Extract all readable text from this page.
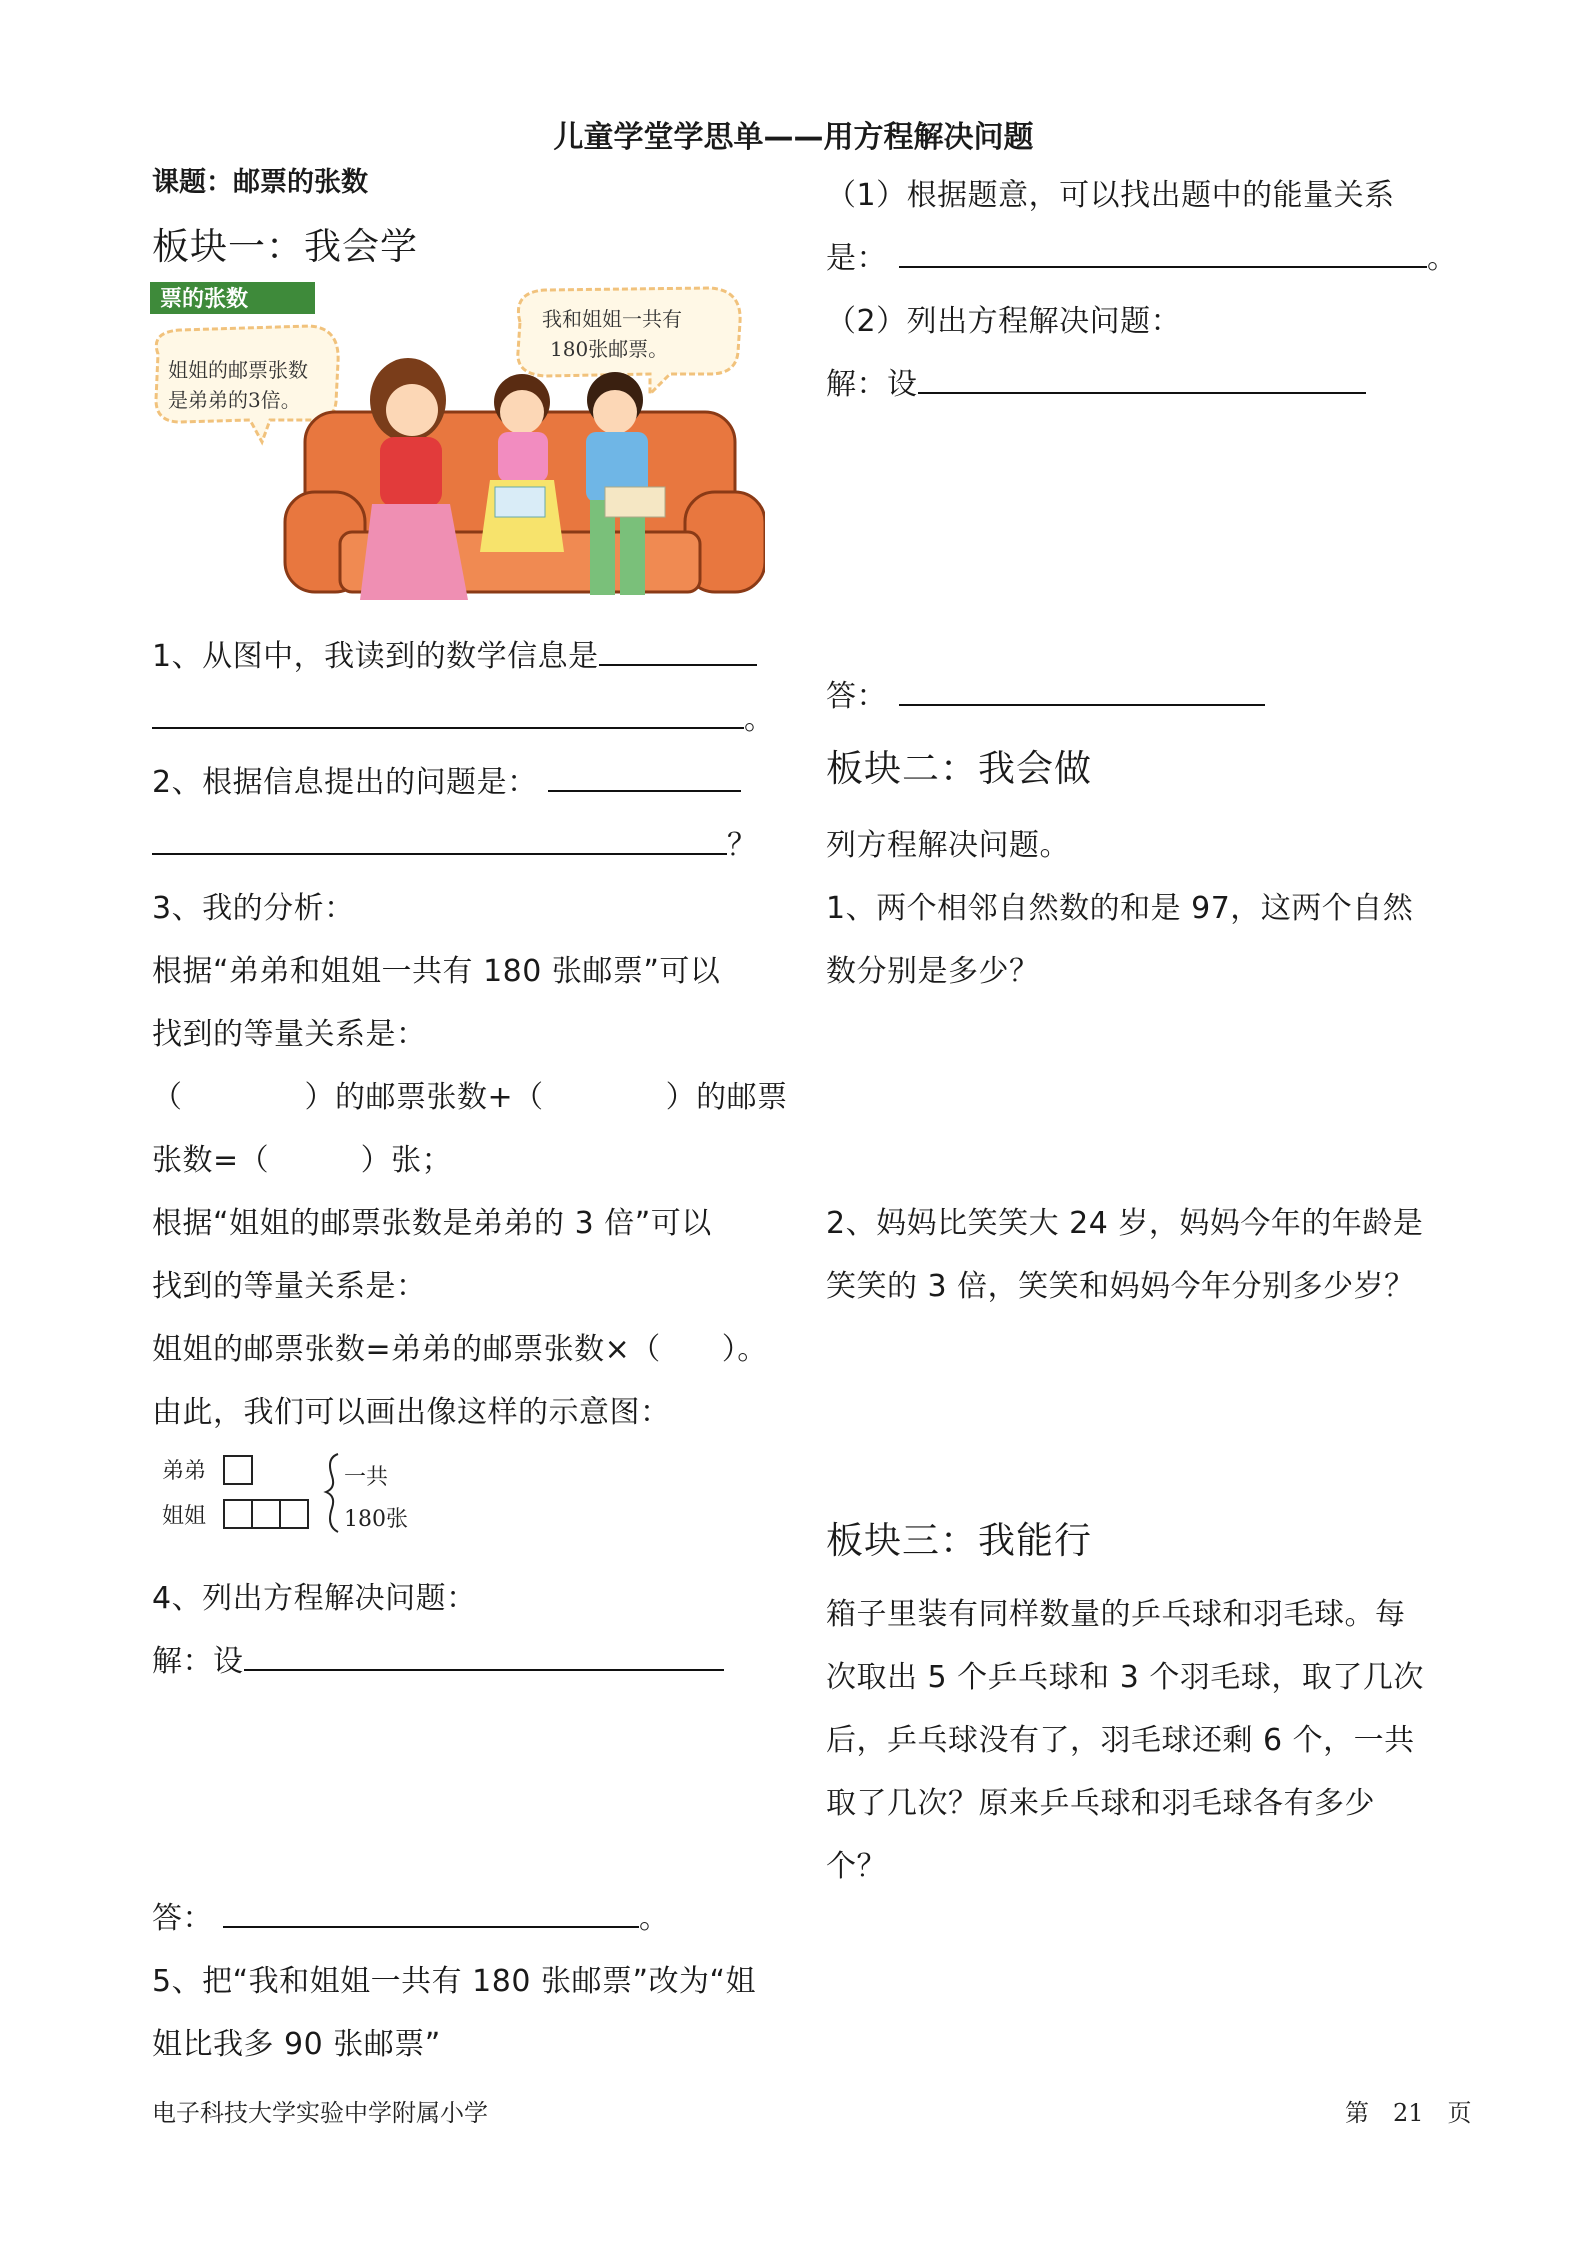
儿童学堂学思单——用方程解决问题
课题：邮票的张数
板块一：我会学
票的张数
姐姐的邮票张数
是弟弟的3倍。
我和姐姐一共有
180张邮票。
1、从图中，我读到的数学信息是
。
2、根据信息提出的问题是：
？
3、我的分析：
根据“弟弟和姐姐一共有 180 张邮票”可以
找到的等量关系是：
（　　　　）的邮票张数+（　　　　）的邮票
张数=（　　　）张；
根据“姐姐的邮票张数是弟弟的 3 倍”可以
找到的等量关系是：
姐姐的邮票张数=弟弟的邮票张数×（　　）。
由此，我们可以画出像这样的示意图：
弟弟
姐姐
一共
180张
4、列出方程解决问题：
解：设
答：	。
5、把“我和姐姐一共有 180 张邮票”改为“姐
姐比我多 90 张邮票”
（1）根据题意，可以找出题中的能量关系
是：	。
（2）列出方程解决问题：
解：设
答：
板块二：我会做
列方程解决问题。
1、两个相邻自然数的和是 97，这两个自然
数分别是多少？
2、妈妈比笑笑大 24 岁，妈妈今年的年龄是
笑笑的 3 倍，笑笑和妈妈今年分别多少岁？
板块三：我能行
箱子里装有同样数量的乒乓球和羽毛球。每
次取出 5 个乒乓球和 3 个羽毛球，取了几次
后，乒乓球没有了，羽毛球还剩 6 个，一共
取了几次？原来乒乓球和羽毛球各有多少
个？
电子科技大学实验中学附属小学	第　21　页
